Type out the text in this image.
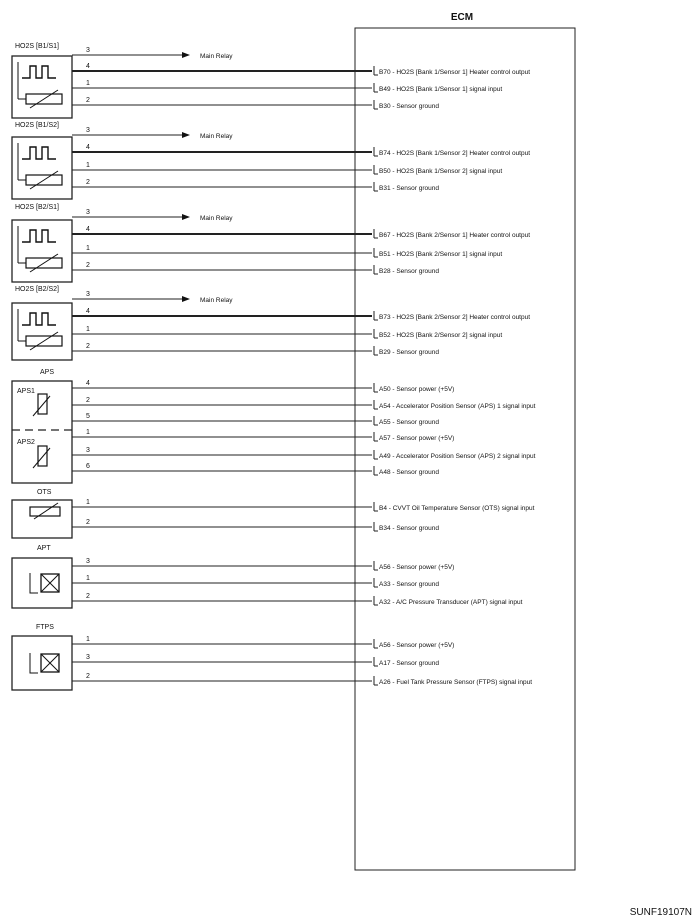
ECM
HO2S [B1/S1]
3
Main Relay
4
B70 - HO2S [Bank 1/Sensor 1] Heater control output
1
B49 - HO2S [Bank 1/Sensor 1] signal input
2
B30 - Sensor ground
HO2S [B1/S2]
3
Main Relay
4
B74 - HO2S [Bank 1/Sensor 2] Heater control output
1
B50 - HO2S [Bank 1/Sensor 2] signal input
2
B31 - Sensor ground
HO2S [B2/S1]
3
Main Relay
4
B67 - HO2S [Bank 2/Sensor 1] Heater control output
1
B51 - HO2S [Bank 2/Sensor 1] signal input
2
B28 - Sensor ground
HO2S [B2/S2]
3
Main Relay
4
B73 - HO2S [Bank 2/Sensor 2] Heater control output
1
B52 - HO2S [Bank 2/Sensor 2] signal input
2
B29 - Sensor ground
APS
4
A50 - Sensor power (+5V)
2
A54 - Accelerator Position Sensor (APS) 1 signal input
5
A55 - Sensor ground
1
A57 - Sensor power (+5V)
3
A49 - Accelerator Position Sensor (APS) 2 signal input
6
A48 - Sensor ground
APS1
APS2
OTS
1
B4 - CVVT Oil Temperature Sensor (OTS) signal input
2
B34 - Sensor ground
APT
3
A56 - Sensor power (+5V)
1
A33 - Sensor ground
2
A32 - A/C Pressure Transducer (APT) signal input
FTPS
1
A56 - Sensor power (+5V)
3
A17 - Sensor ground
2
A26 - Fuel Tank Pressure Sensor (FTPS) signal input
SUNF19107N
